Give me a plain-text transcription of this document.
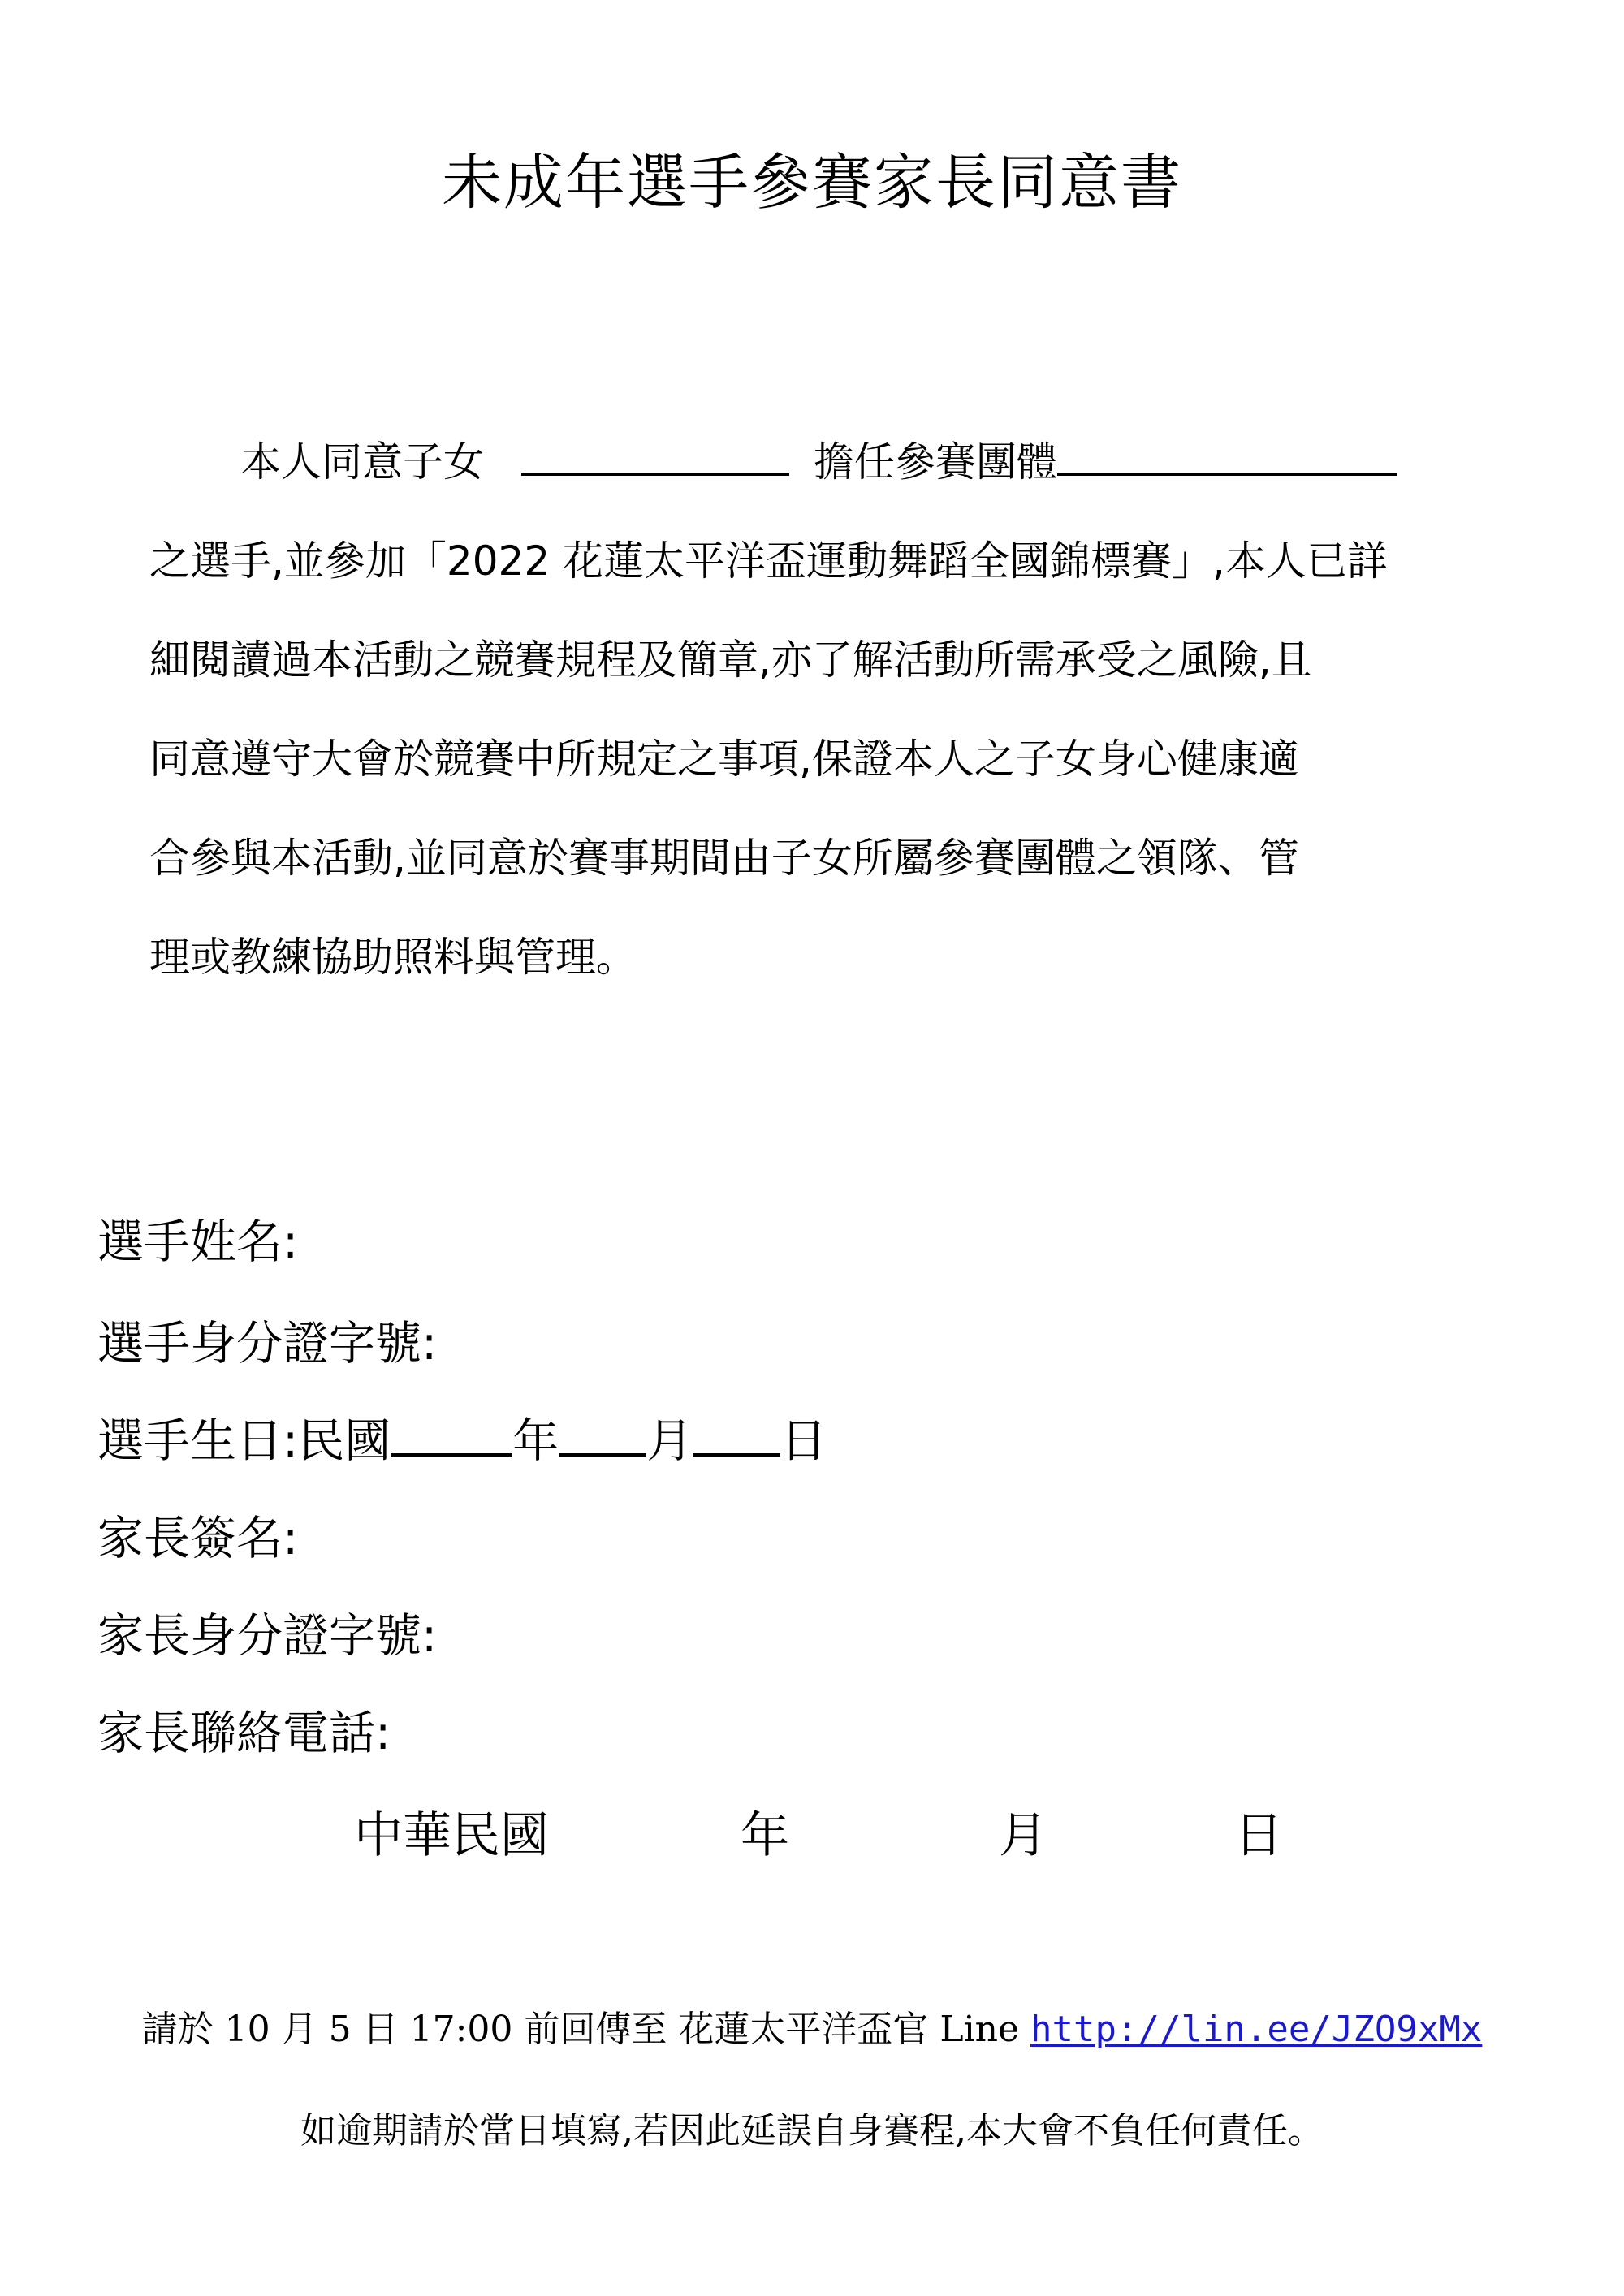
未成年選手參賽家長同意書
本人同意子女	擔任參賽團體
之選手,並參加「2022 花蓮太平洋盃運動舞蹈全國錦標賽」,本人已詳
細閱讀過本活動之競賽規程及簡章,亦了解活動所需承受之風險,且
同意遵守大會於競賽中所規定之事項,保證本人之子女身心健康適
合參與本活動,並同意於賽事期間由子女所屬參賽團體之領隊、管
理或教練協助照料與管理。
選手姓名:
選手身分證字號:
選手生日:民國	年 月 日
家長簽名:
家長身分證字號:
家長聯絡電話:
中華民國	年	月	日
請於 10 月 5 日 17:00 前回傳至 花蓮太平洋盃官 Line http://lin.ee/JZO9xMx
如逾期請於當日填寫,若因此延誤自身賽程,本大會不負任何責任。
